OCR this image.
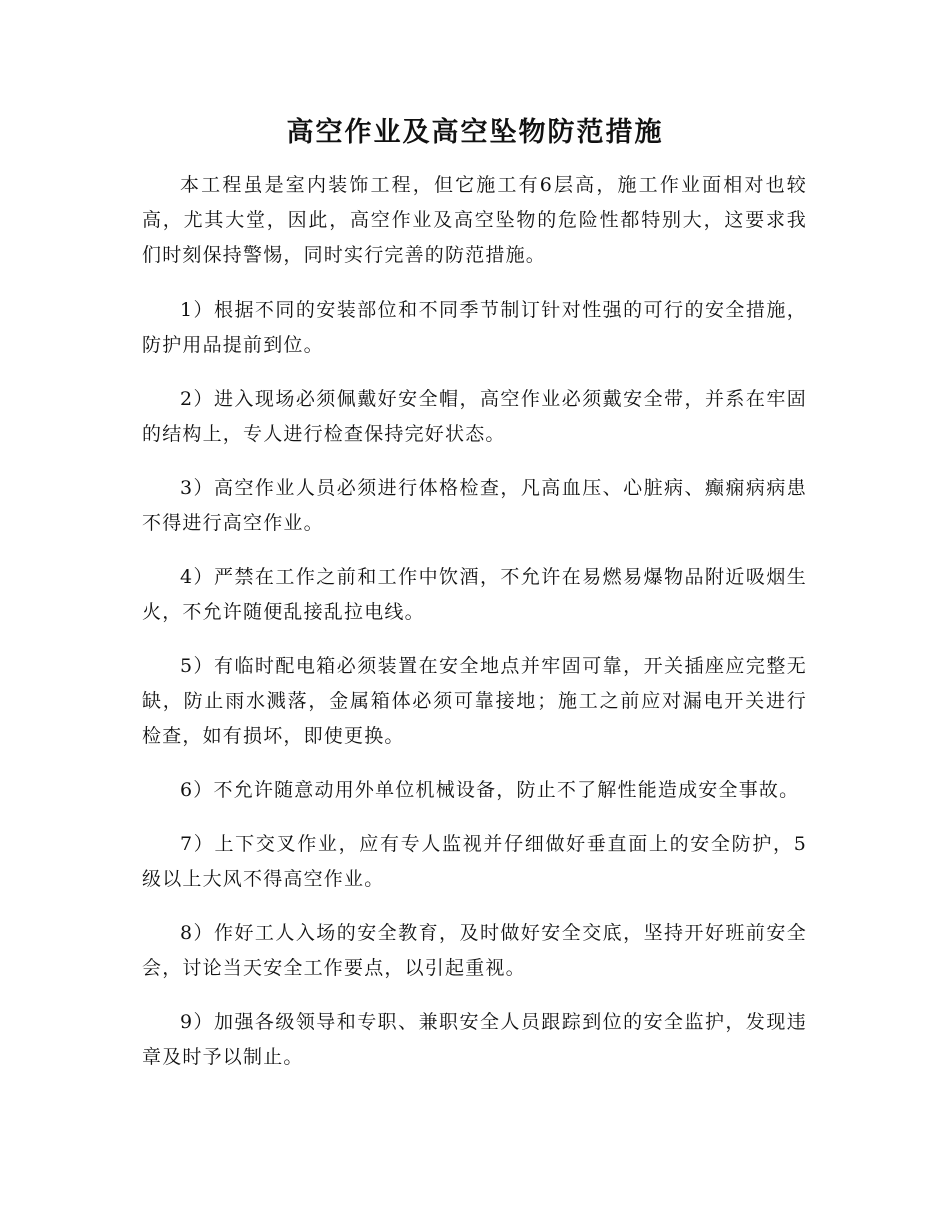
高空作业及高空坠物防范措施

本工程虽是室内装饰工程，但它施工有6层高，施工作业面相对也较高，尤其大堂，因此，高空作业及高空坠物的危险性都特别大，这要求我们时刻保持警惕，同时实行完善的防范措施。

1）根据不同的安装部位和不同季节制订针对性强的可行的安全措施，防护用品提前到位。

2）进入现场必须佩戴好安全帽，高空作业必须戴安全带，并系在牢固的结构上，专人进行检查保持完好状态。

3）高空作业人员必须进行体格检查，凡高血压、心脏病、癫痫病病患不得进行高空作业。

4）严禁在工作之前和工作中饮酒，不允许在易燃易爆物品附近吸烟生火，不允许随便乱接乱拉电线。

5）有临时配电箱必须装置在安全地点并牢固可靠，开关插座应完整无缺，防止雨水溅落，金属箱体必须可靠接地；施工之前应对漏电开关进行检查，如有损坏，即使更换。

6）不允许随意动用外单位机械设备，防止不了解性能造成安全事故。

7）上下交叉作业，应有专人监视并仔细做好垂直面上的安全防护，5级以上大风不得高空作业。

8）作好工人入场的安全教育，及时做好安全交底，坚持开好班前安全会，讨论当天安全工作要点，以引起重视。

9）加强各级领导和专职、兼职安全人员跟踪到位的安全监护，发现违章及时予以制止。
